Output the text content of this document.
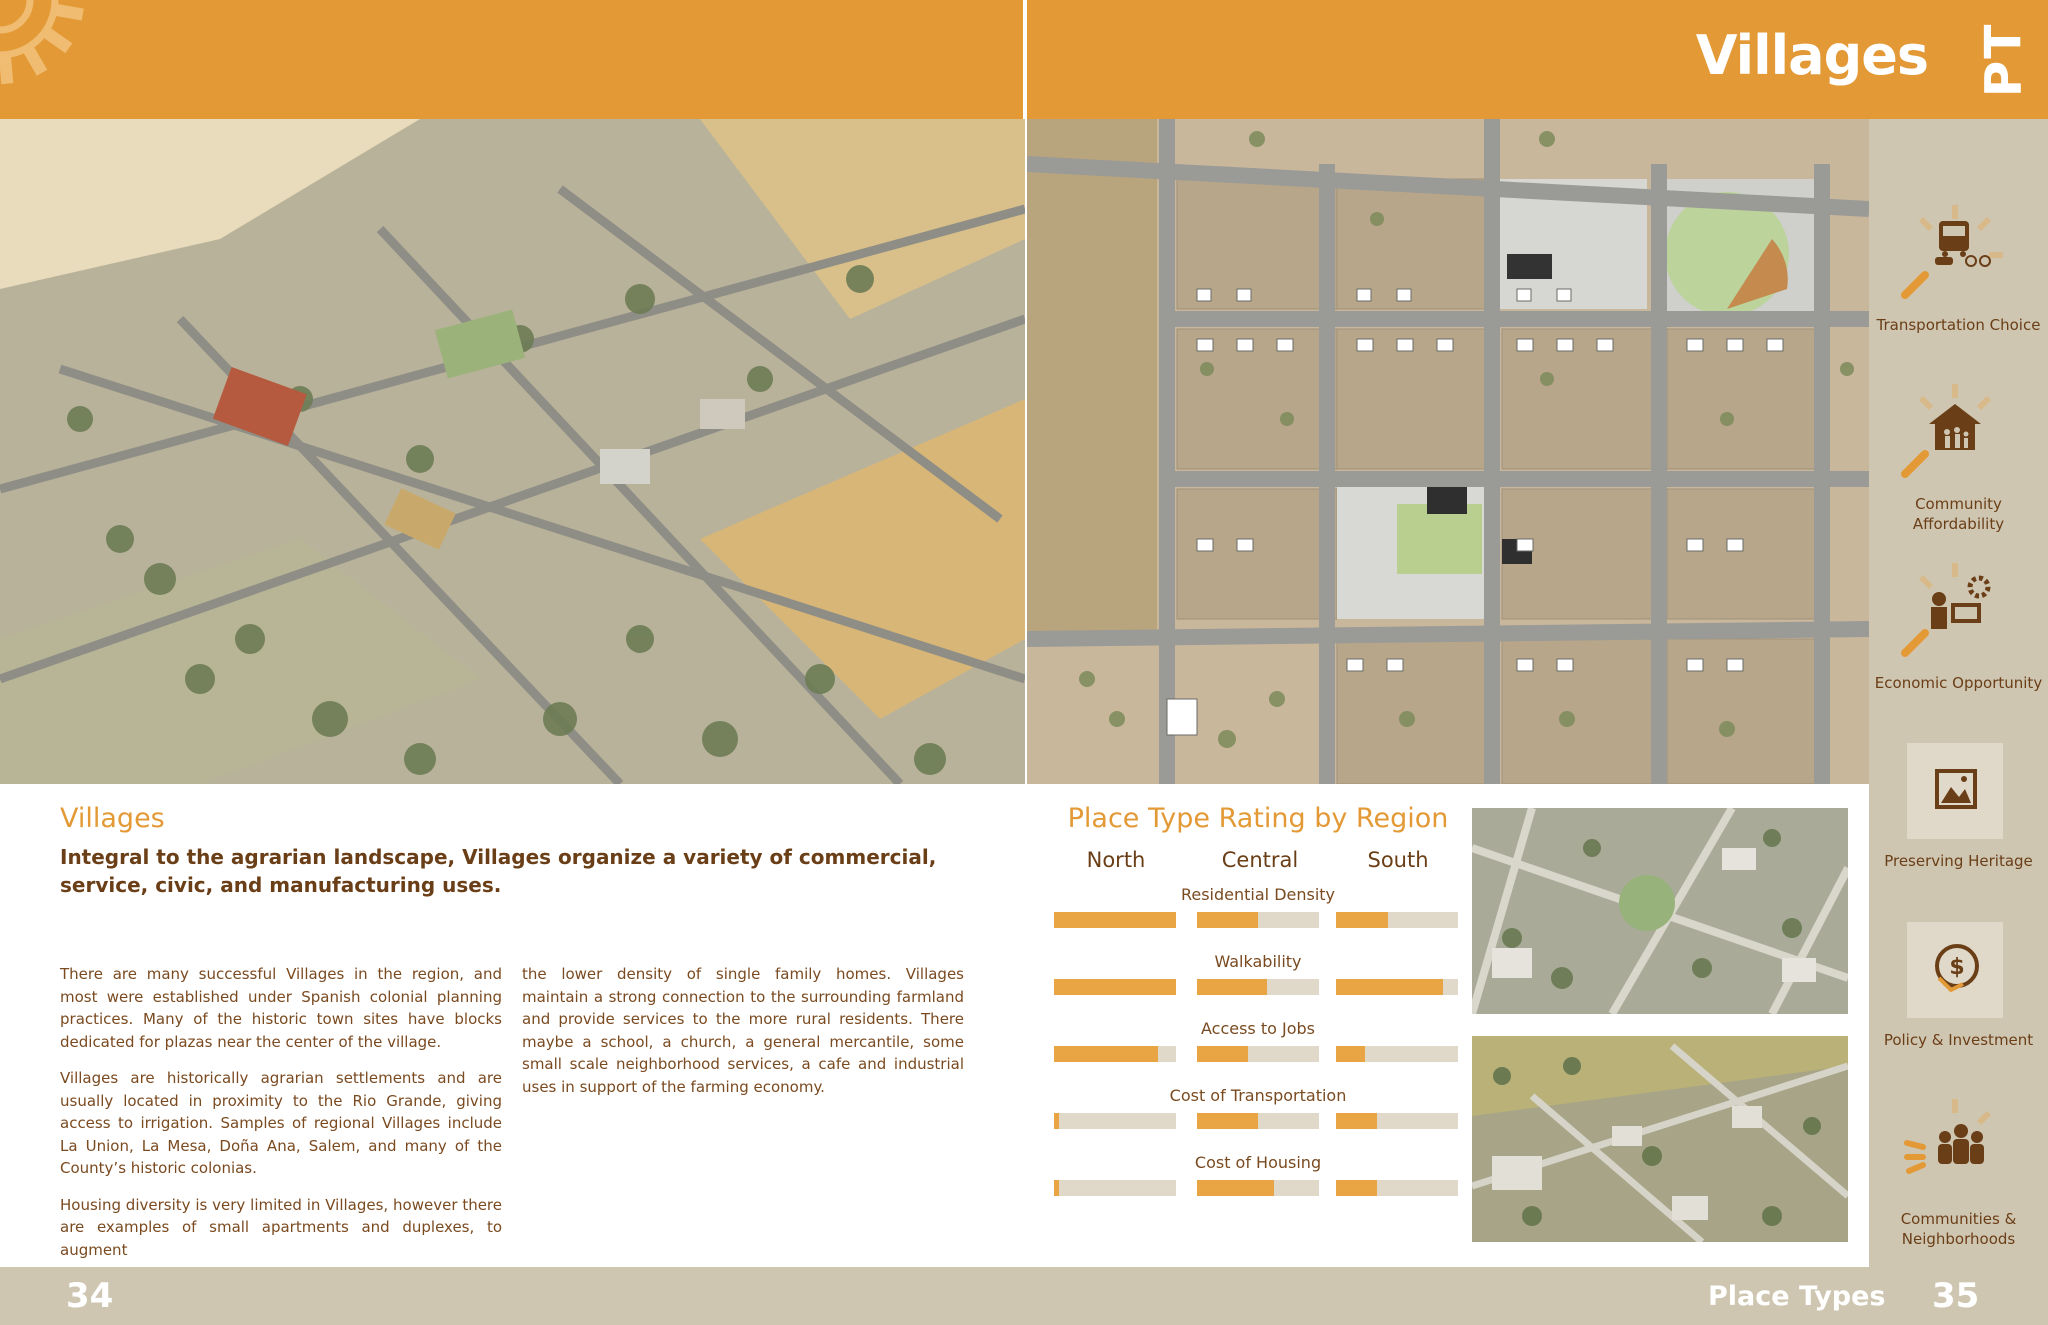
Villages PT
Transportation Choice
Community Affordability
Economic Opportunity
Preserving Heritage
$
Policy & Investment
Communities & Neighborhoods
Villages

Integral to the agrarian landscape, Villages organize a variety of commercial, service, civic, and manufacturing uses.

There are many successful Villages in the region, and most were established under Spanish colonial planning practices. Many of the historic town sites have blocks dedicated for plazas near the center of the village.

Villages are historically agrarian settlements and are usually located in proximity to the Rio Grande, giving access to irrigation. Samples of regional Villages include La Union, La Mesa, Doña Ana, Salem, and many of the County’s historic colonias.

Housing diversity is very limited in Villages, however there are examples of small apartments and duplexes, to augment

the lower density of single family homes. Villages maintain a strong connection to the surrounding farmland and provide services to the more rural residents. There maybe a school, a church, a general mercantile, some small scale neighborhood services, a cafe and industrial uses in support of the farming economy.

Place Type Rating by Region
North	Central	South
Residential Density
Walkability
Access to Jobs
Cost of Transportation
Cost of Housing
34	Place Types 35
